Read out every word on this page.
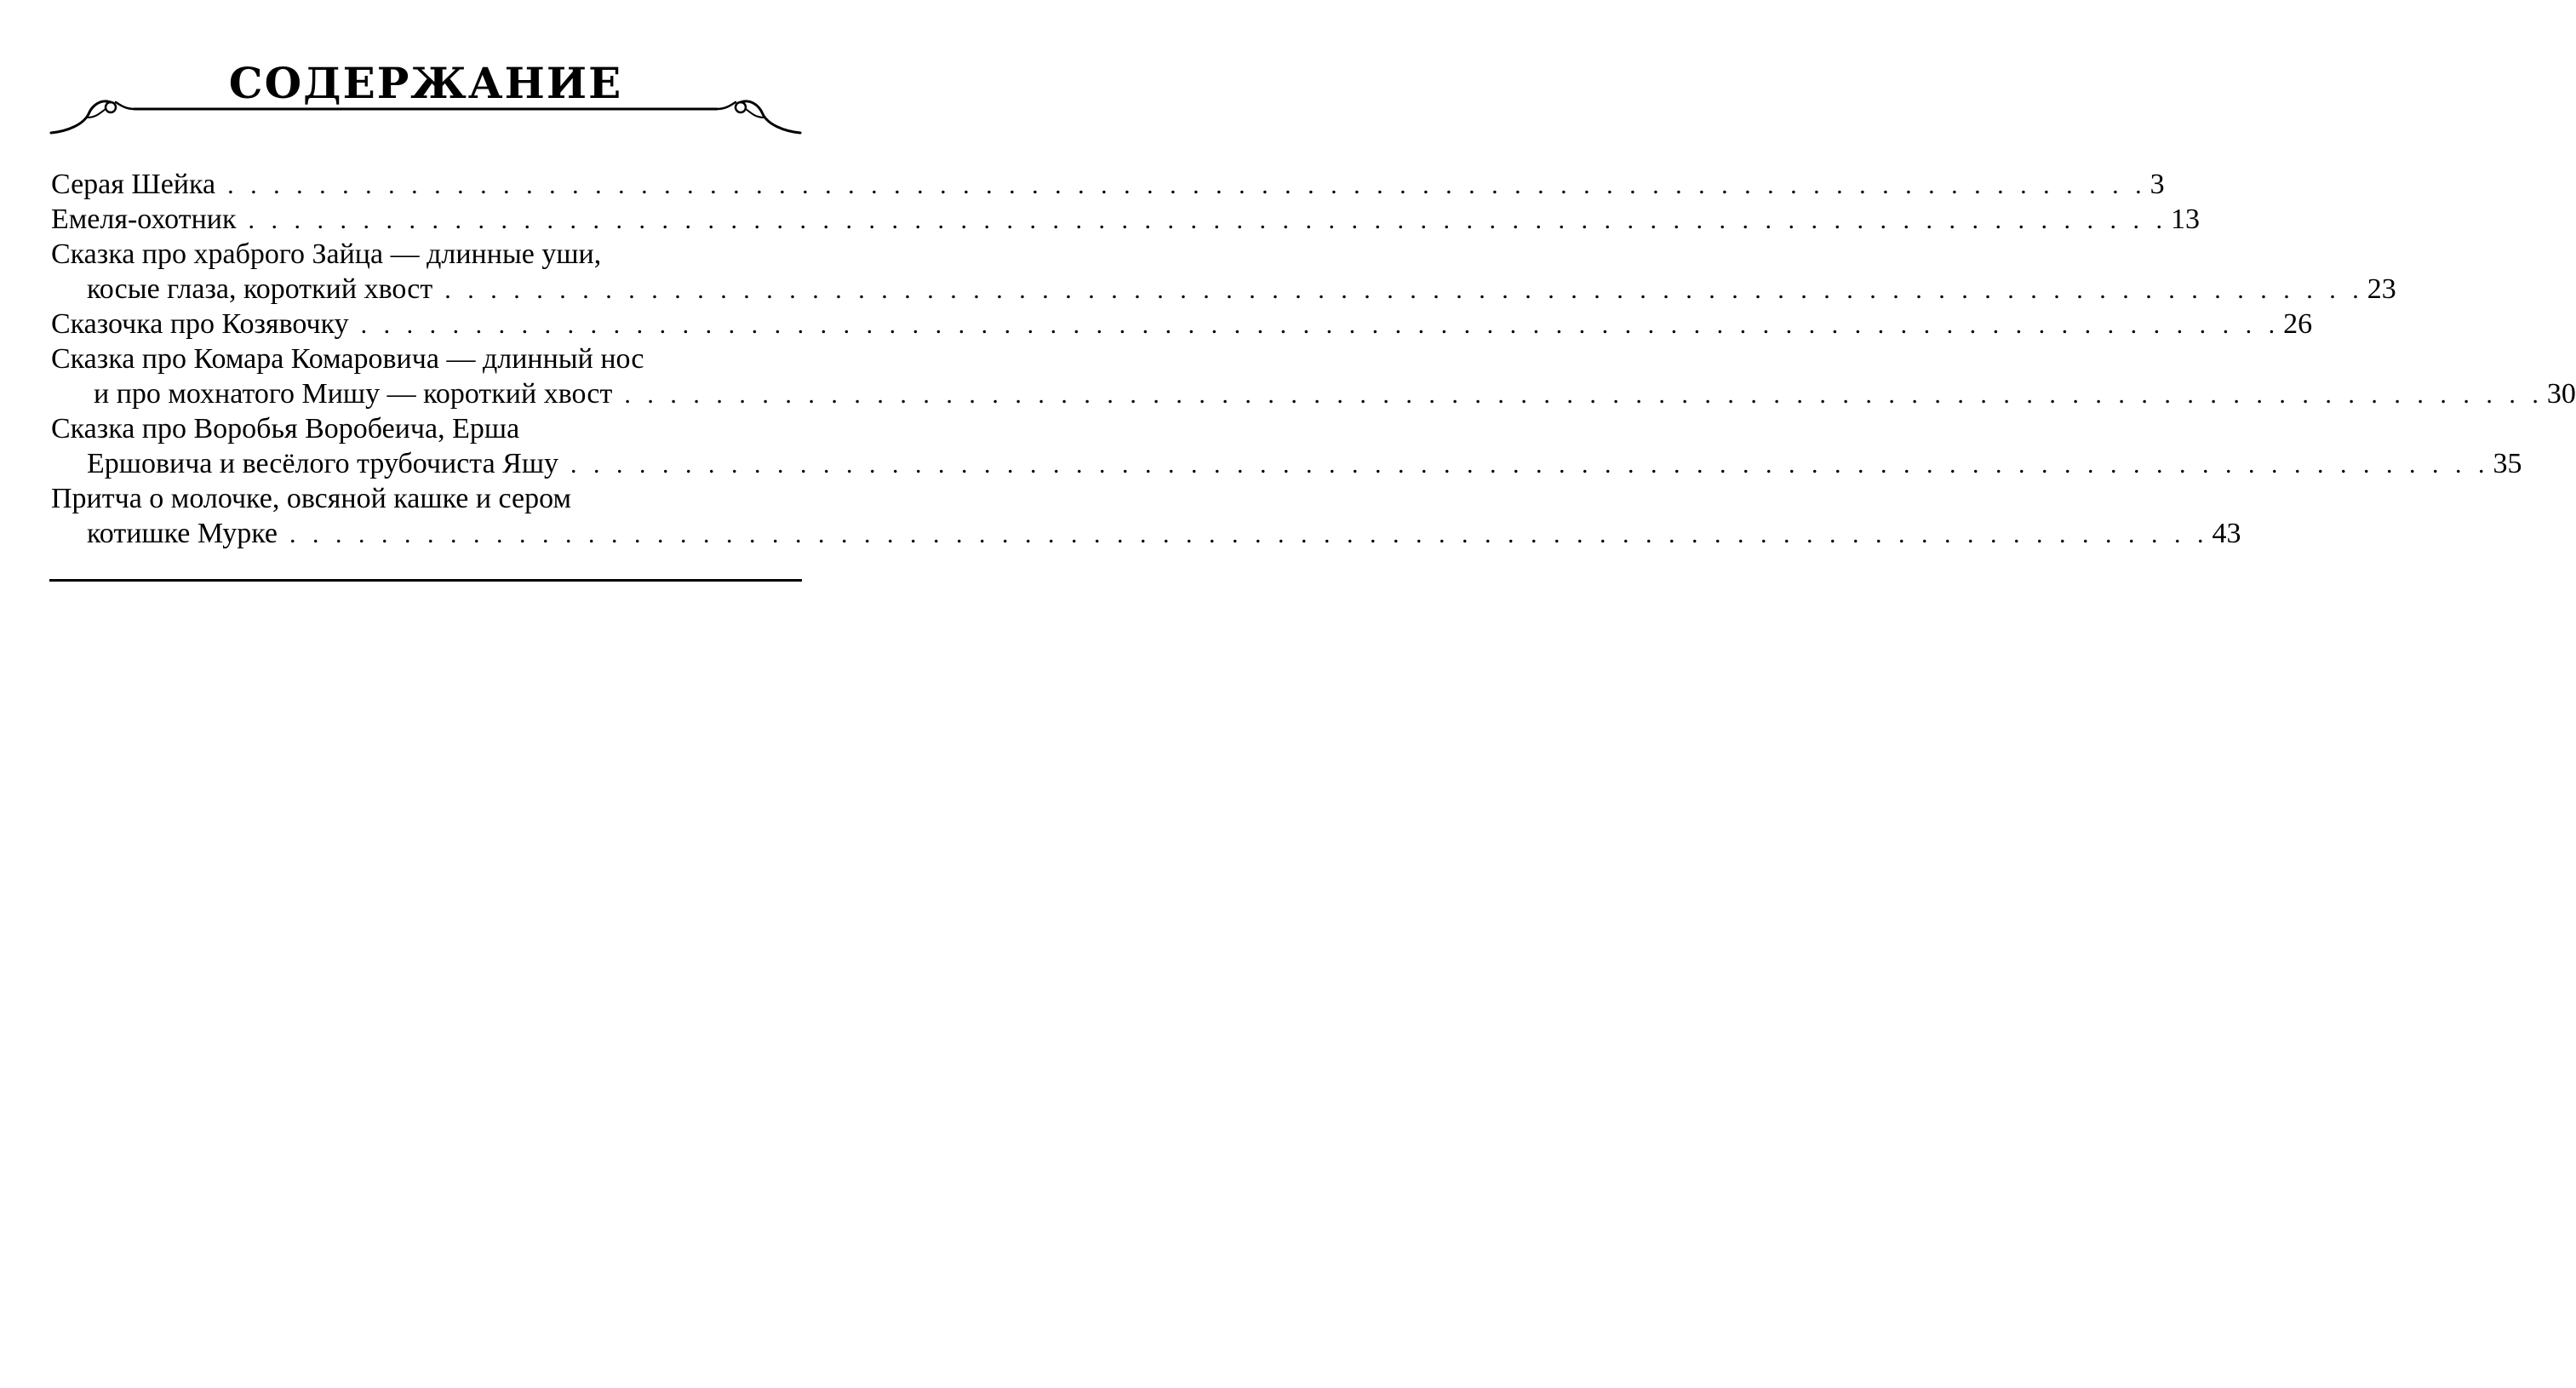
СОДЕРЖАНИЕ
Серая Шейка . . . . . . . . . . . . . . . . . . . . . . . . . . . . . . . . . . . . . . . . . . . . . . . . . . . . . . . . . . . . . . . . . . . . . . . . . . . . . . . . . . . . 3
Емеля-охотник . . . . . . . . . . . . . . . . . . . . . . . . . . . . . . . . . . . . . . . . . . . . . . . . . . . . . . . . . . . . . . . . . . . . . . . . . . . . . . . . . . . . 13
Сказка про храброго Зайца — длинные уши,
косые глаза, короткий хвост . . . . . . . . . . . . . . . . . . . . . . . . . . . . . . . . . . . . . . . . . . . . . . . . . . . . . . . . . . . . . . . . . . . . . . . . . . . . . . . . . . . . 23
Сказочка про Козявочку . . . . . . . . . . . . . . . . . . . . . . . . . . . . . . . . . . . . . . . . . . . . . . . . . . . . . . . . . . . . . . . . . . . . . . . . . . . . . . . . . . . . 26
Сказка про Комара Комаровича — длинный нос
и про мохнатого Мишу — короткий хвост . . . . . . . . . . . . . . . . . . . . . . . . . . . . . . . . . . . . . . . . . . . . . . . . . . . . . . . . . . . . . . . . . . . . . . . . . . . . . . . . . . . . 30
Сказка про Воробья Воробеича, Ерша
Ершовича и весёлого трубочиста Яшу . . . . . . . . . . . . . . . . . . . . . . . . . . . . . . . . . . . . . . . . . . . . . . . . . . . . . . . . . . . . . . . . . . . . . . . . . . . . . . . . . . . . 35
Притча о молочке, овсяной кашке и сером
котишке Мурке . . . . . . . . . . . . . . . . . . . . . . . . . . . . . . . . . . . . . . . . . . . . . . . . . . . . . . . . . . . . . . . . . . . . . . . . . . . . . . . . . . . . 43
